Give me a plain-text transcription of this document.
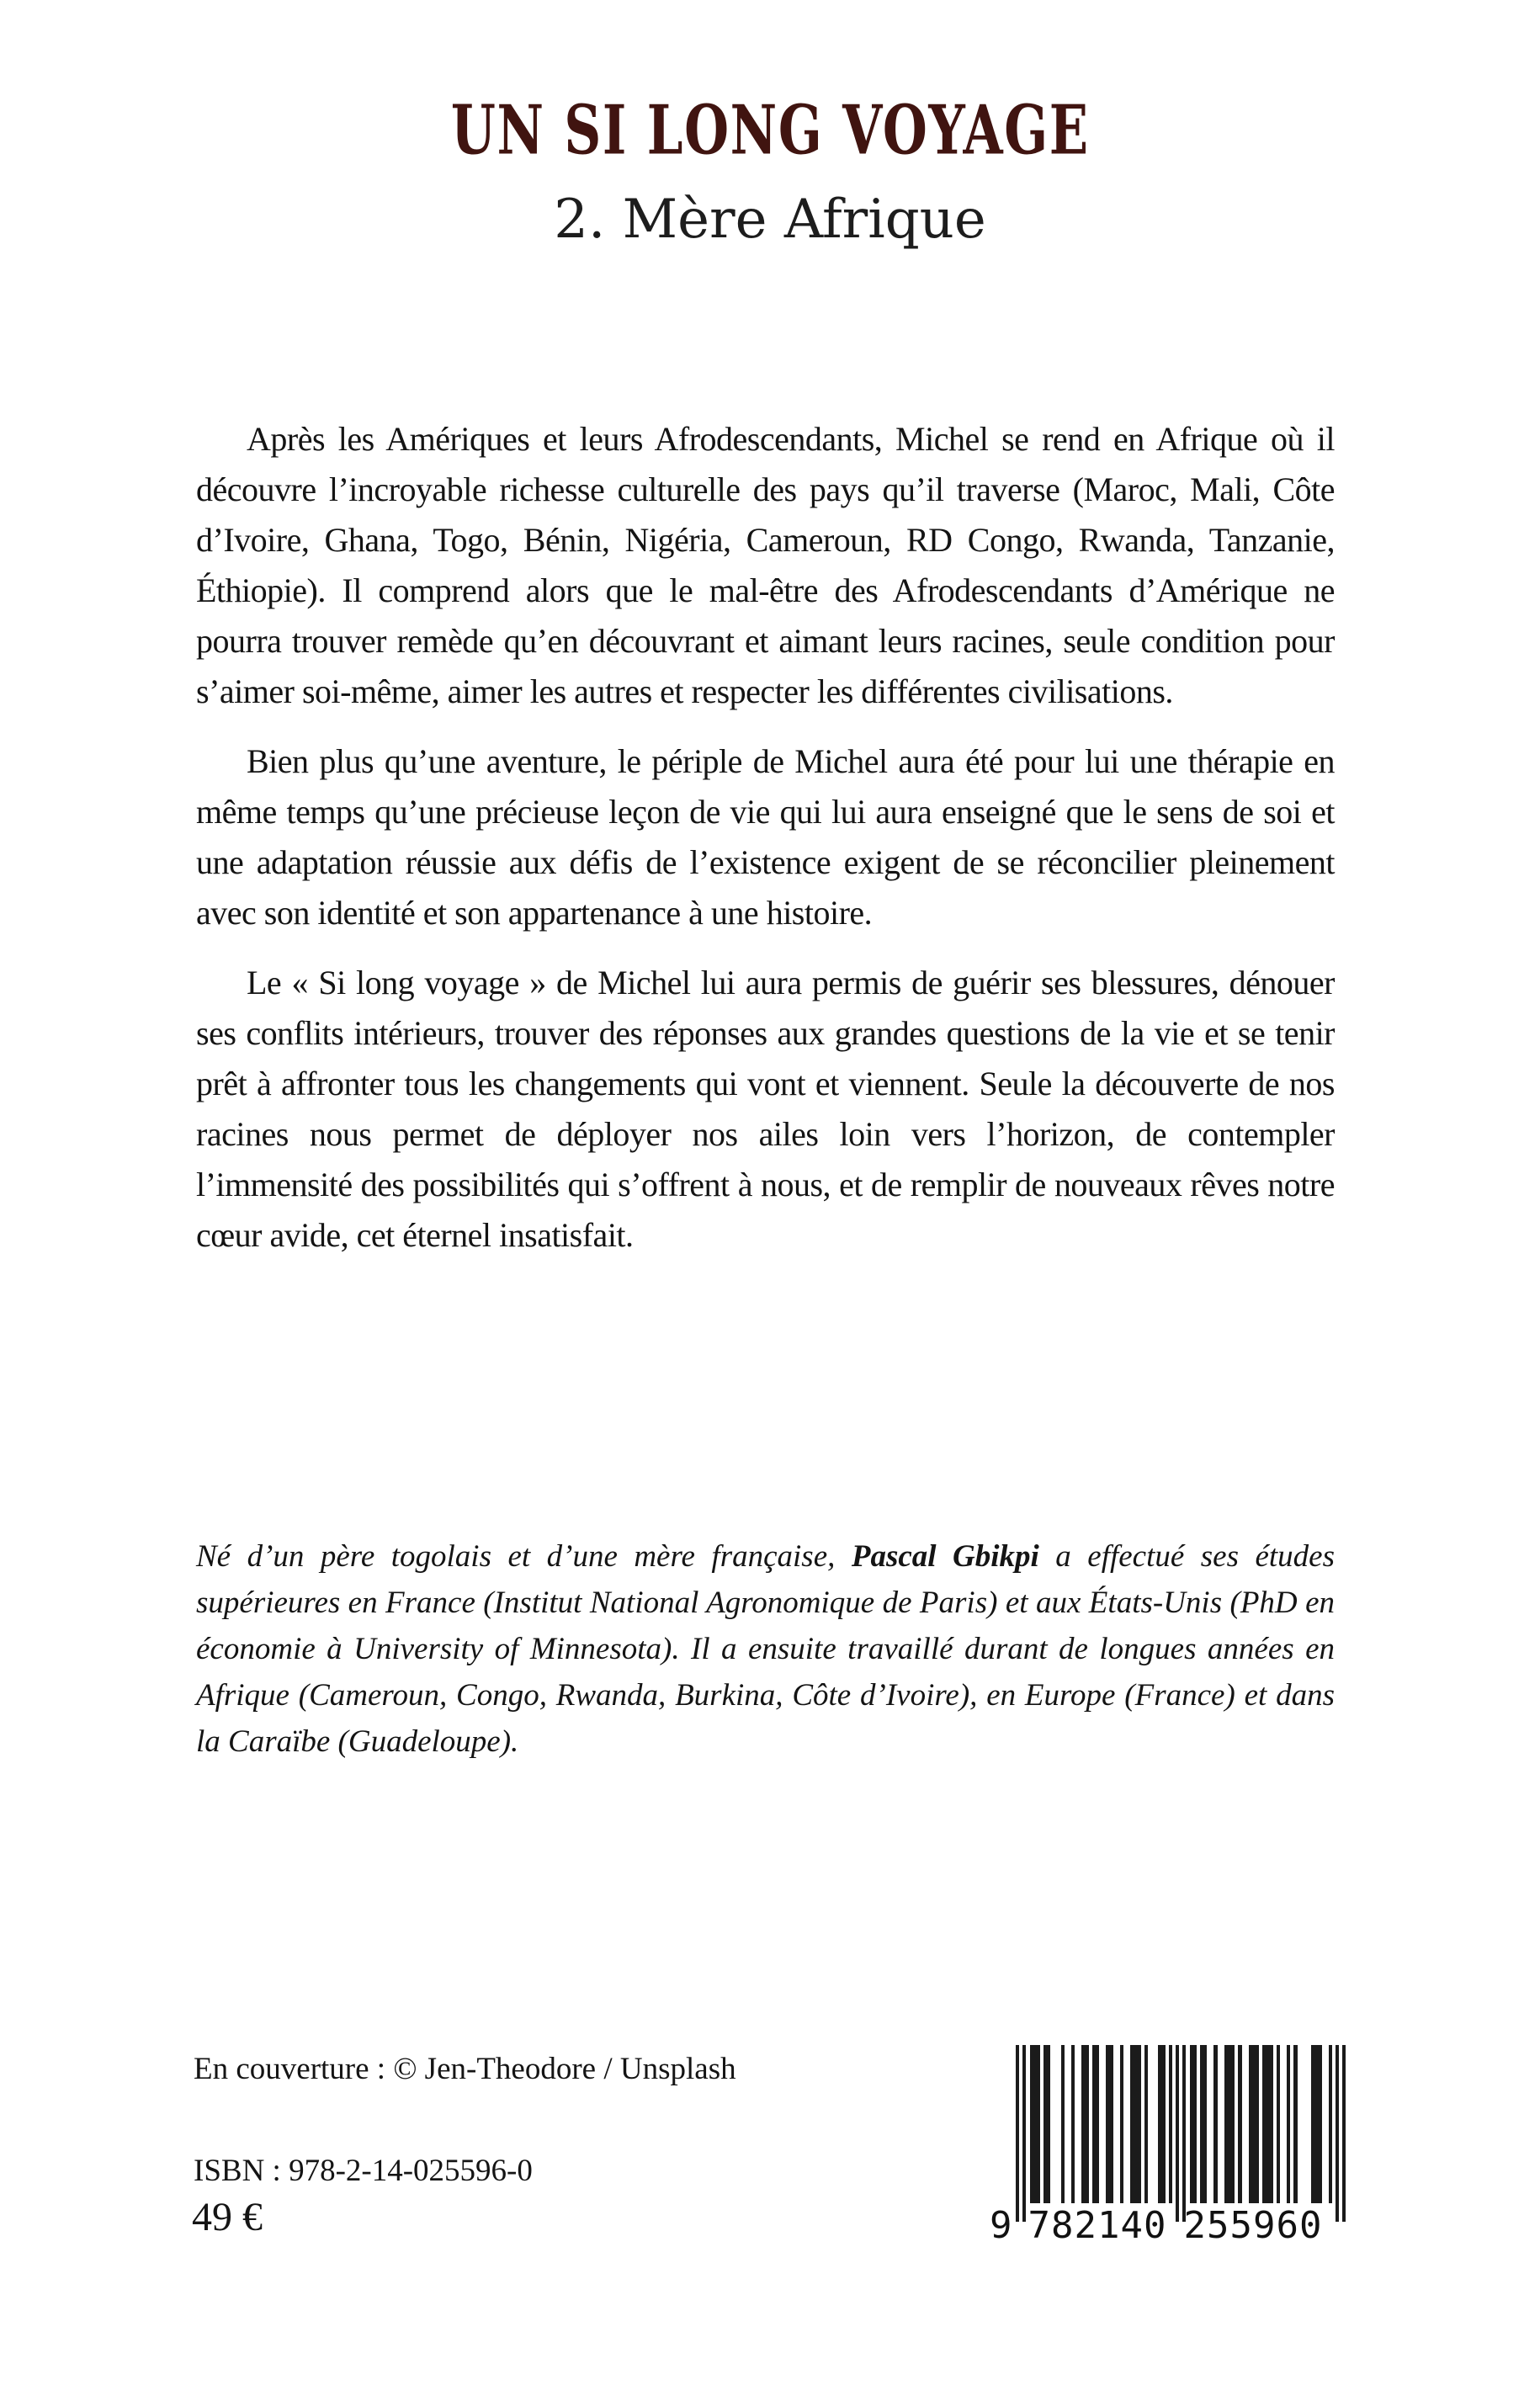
UN SI LONG VOYAGE
2. Mère Afrique

Après les Amériques et leurs Afrodescendants, Michel se rend en Afrique où il découvre l’incroyable richesse culturelle des pays qu’il traverse (Maroc, Mali, Côte d’Ivoire, Ghana, Togo, Bénin, Nigéria, Cameroun, RD Congo, Rwanda, Tanzanie, Éthiopie). Il comprend alors que le mal-être des Afrodescendants d’Amérique ne pourra trouver remède qu’en découvrant et aimant leurs racines, seule condition pour s’aimer soi-même, aimer les autres et respecter les différentes civilisations.

Bien plus qu’une aventure, le périple de Michel aura été pour lui une thérapie en même temps qu’une précieuse leçon de vie qui lui aura enseigné que le sens de soi et une adaptation réussie aux défis de l’existence exigent de se réconcilier pleinement avec son identité et son appartenance à une histoire.

Le « Si long voyage » de Michel lui aura permis de guérir ses blessures, dénouer ses conflits intérieurs, trouver des réponses aux grandes questions de la vie et se tenir prêt à affronter tous les changements qui vont et viennent. Seule la découverte de nos racines nous permet de déployer nos ailes loin vers l’horizon, de contempler l’immensité des possibilités qui s’offrent à nous, et de remplir de nouveaux rêves notre cœur avide, cet éternel insatisfait.

Né d’un père togolais et d’une mère française, Pascal Gbikpi a effectué ses études supérieures en France (Institut National Agronomique de Paris) et aux États-Unis (PhD en économie à University of Minnesota). Il a ensuite travaillé durant de longues années en Afrique (Cameroun, Congo, Rwanda, Burkina, Côte d’Ivoire), en Europe (France) et dans la Caraïbe (Guadeloupe).

En couverture : © Jen-Theodore / Unsplash
ISBN : 978-2-14-025596-0
49 €	9 782140 255960
